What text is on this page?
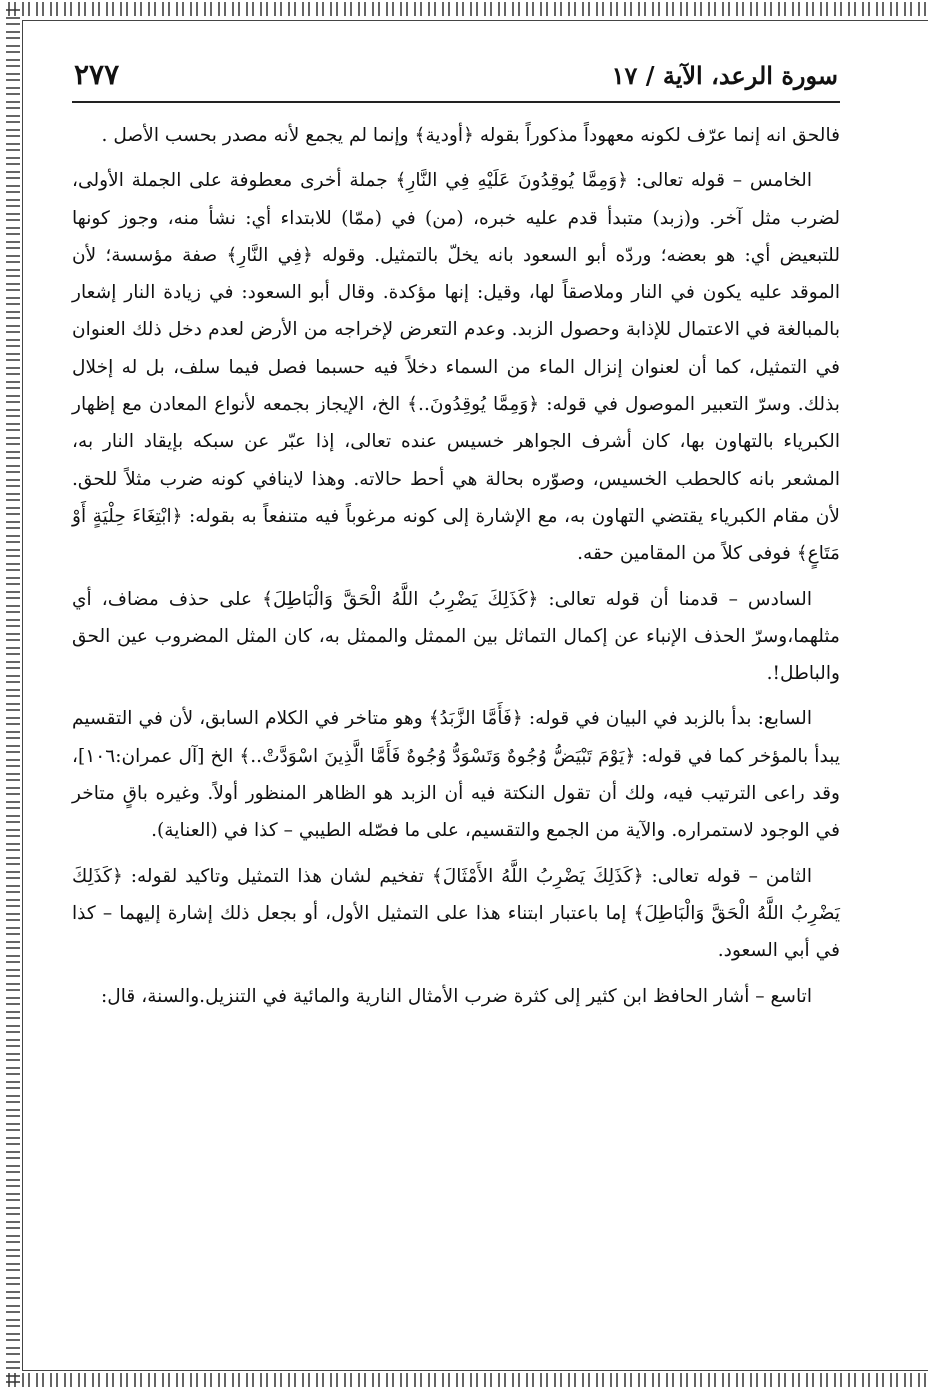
سورة الرعد، الآية / ١٧
٢٧٧

فالحق انه إنما عرّف لكونه معهوداً مذكوراً بقوله ﴿أودية﴾ وإنما لم يجمع لأنه مصدر بحسب الأصل .

الخامس – قوله تعالى: ﴿وَمِمَّا يُوقِدُونَ عَلَيْهِ فِي النَّارِ﴾ جملة أخرى معطوفة على الجملة الأولى، لضرب مثل آخر. و(زبد) متبدأ قدم عليه خبره، (من) في (ممّا) للابتداء أي: نشأ منه، وجوز كونها للتبعيض أي: هو بعضه؛ وردّه أبو السعود بانه يخلّ بالتمثيل. وقوله ﴿فِي النَّارِ﴾ صفة مؤسسة؛ لأن الموقد عليه يكون في النار وملاصقاً لها، وقيل: إنها مؤكدة. وقال أبو السعود: في زيادة النار إشعار بالمبالغة في الاعتمال للإذابة وحصول الزبد. وعدم التعرض لإخراجه من الأرض لعدم دخل ذلك العنوان في التمثيل، كما أن لعنوان إنزال الماء من السماء دخلاً فيه حسبما فصل فيما سلف، بل له إخلال بذلك. وسرّ التعبير الموصول في قوله: ﴿وَمِمَّا يُوقِدُونَ..﴾ الخ، الإيجاز بجمعه لأنواع المعادن مع إظهار الكبرياء بالتهاون بها، كان أشرف الجواهر خسيس عنده تعالى، إذا عبّر عن سبكه بإيقاد النار به، المشعر بانه كالحطب الخسيس، وصوّره بحالة هي أحط حالاته. وهذا لاينافي كونه ضرب مثلاً للحق. لأن مقام الكبرياء يقتضي التهاون به، مع الإشارة إلى كونه مرغوباً فيه متنفعاً به بقوله: ﴿ابْتِغَاءَ حِلْيَةٍ أَوْ مَتَاعٍ﴾ فوفى كلاً من المقامين حقه.

السادس – قدمنا أن قوله تعالى: ﴿كَذَلِكَ يَضْرِبُ اللَّهُ الْحَقَّ وَالْبَاطِلَ﴾ على حذف مضاف، أي مثلهما،وسرّ الحذف الإنباء عن إكمال التماثل بين الممثل والممثل به، كان المثل المضروب عين الحق والباطل!.

السابع: بدأ بالزبد في البيان في قوله: ﴿فَأَمَّا الزَّبَدُ﴾ وهو متاخر في الكلام السابق، لأن في التقسيم يبدأ بالمؤخر كما في قوله: ﴿يَوْمَ تَبْيَضُّ وُجُوهٌ وَتَسْوَدُّ وُجُوهٌ فَأَمَّا الَّذِينَ اسْوَدَّتْ..﴾ الخ [آل عمران:١٠٦]، وقد راعى الترتيب فيه، ولك أن تقول النكتة فيه أن الزبد هو الظاهر المنظور أولاً. وغيره باقٍ متاخر في الوجود لاستمراره. والآية من الجمع والتقسيم، على ما فصّله الطيبي – كذا في (العناية).

الثامن – قوله تعالى: ﴿كَذَلِكَ يَضْرِبُ اللَّهُ الأَمْثَالَ﴾ تفخيم لشان هذا التمثيل وتاكيد لقوله: ﴿كَذَلِكَ يَضْرِبُ اللَّهُ الْحَقَّ وَالْبَاطِلَ﴾ إما باعتبار ابتناء هذا على التمثيل الأول، أو بجعل ذلك إشارة إليهما – كذا في أبي السعود.

اتاسع – أشار الحافظ ابن كثير إلى كثرة ضرب الأمثال النارية والمائية في التنزيل.والسنة، قال:
